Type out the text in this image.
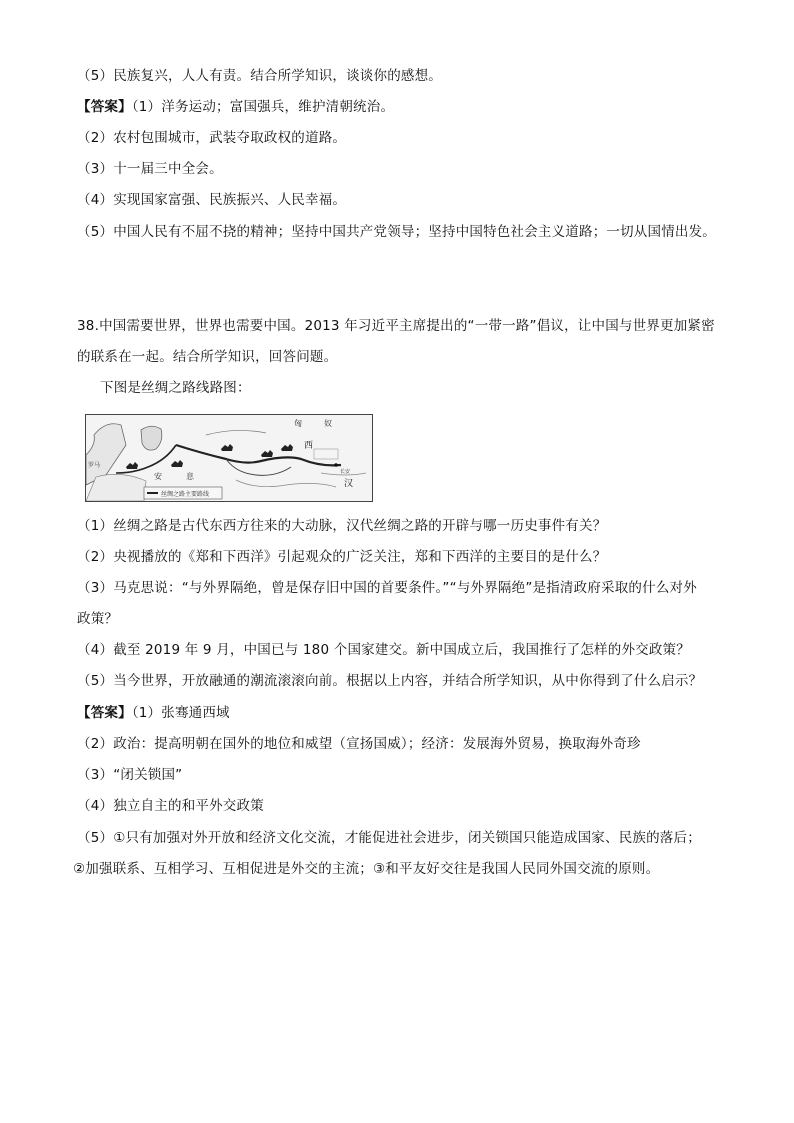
（5）民族复兴，人人有责。结合所学知识，谈谈你的感想。
【答案】（1）洋务运动；富国强兵，维护清朝统治。
（2）农村包围城市，武装夺取政权的道路。
（3）十一届三中全会。
（4）实现国家富强、民族振兴、人民幸福。
（5）中国人民有不屈不挠的精神；坚持中国共产党领导；坚持中国特色社会主义道路；一切从国情出发。
38.中国需要世界，世界也需要中国。2013 年习近平主席提出的“一带一路”倡议，让中国与世界更加紧密
的联系在一起。结合所学知识，回答问题。
下图是丝绸之路线路图：
匈	奴
西
汉
安	息
罗马
长安
丝绸之路主要路线
（1）丝绸之路是古代东西方往来的大动脉，汉代丝绸之路的开辟与哪一历史事件有关？
（2）央视播放的《郑和下西洋》引起观众的广泛关注，郑和下西洋的主要目的是什么？
（3）马克思说：“与外界隔绝，曾是保存旧中国的首要条件。”“与外界隔绝”是指清政府采取的什么对外
政策？
（4）截至 2019 年 9 月，中国已与 180 个国家建交。新中国成立后，我国推行了怎样的外交政策？
（5）当今世界，开放融通的潮流滚滚向前。根据以上内容，并结合所学知识，从中你得到了什么启示？
【答案】（1）张骞通西域
（2）政治：提高明朝在国外的地位和威望（宣扬国威）；经济：发展海外贸易，换取海外奇珍
（3）“闭关锁国”
（4）独立自主的和平外交政策
（5）①只有加强对外开放和经济文化交流，才能促进社会进步，闭关锁国只能造成国家、民族的落后；
②加强联系、互相学习、互相促进是外交的主流；③和平友好交往是我国人民同外国交流的原则。
